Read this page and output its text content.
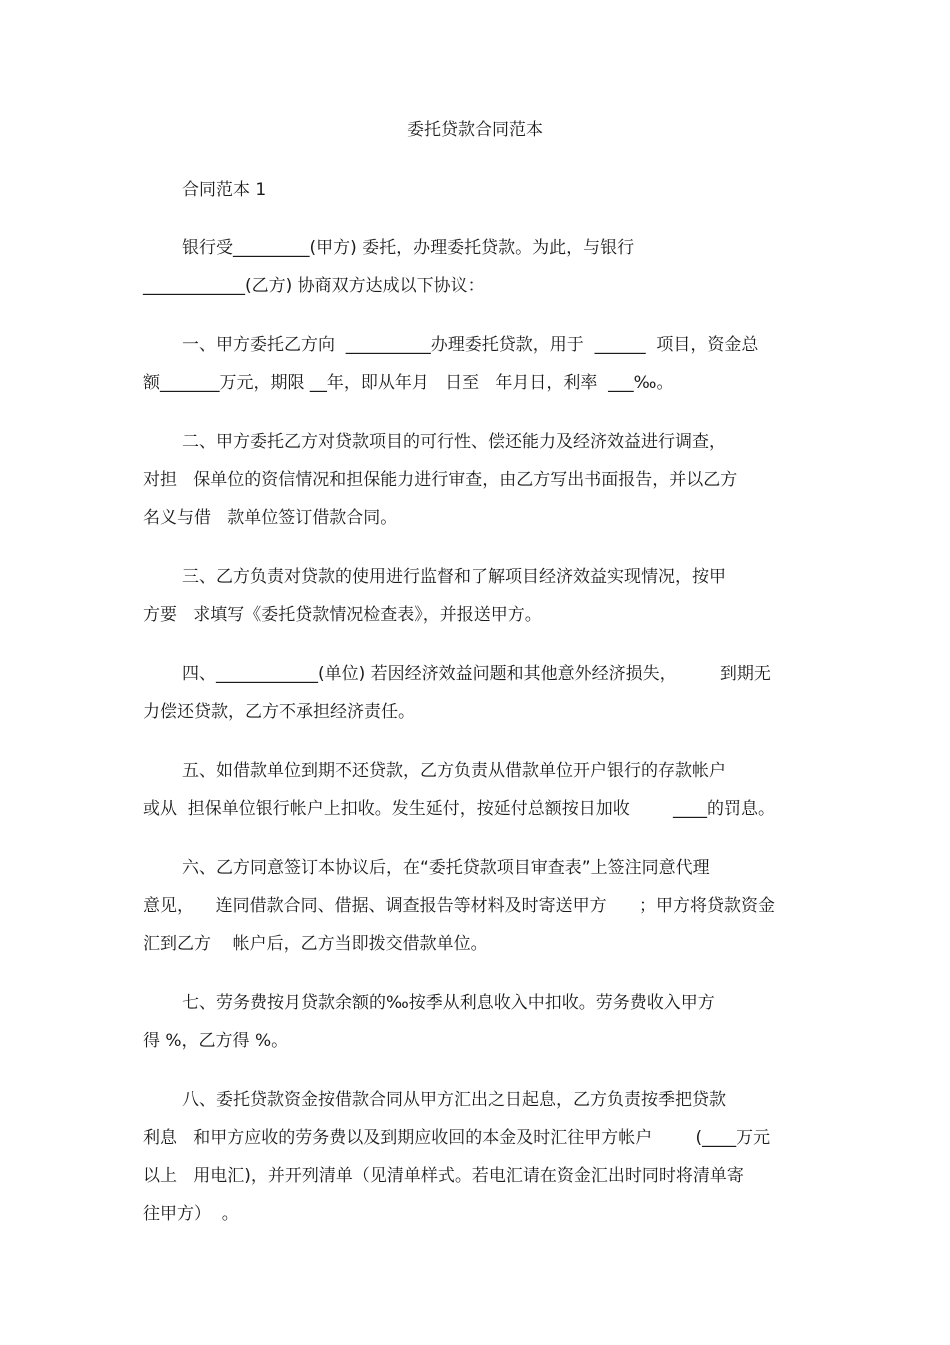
委托贷款合同范本
合同范本 1
银行受_________(甲方) 委托，办理委托贷款。为此，与银行
____________(乙方) 协商双方达成以下协议：
一、甲方委托乙方向  __________办理委托贷款，用于  ______  项目，资金总
额_______万元，期限 __年，即从年月   日至   年月日，利率  ___‰。
二、甲方委托乙方对贷款项目的可行性、偿还能力及经济效益进行调查，
对担   保单位的资信情况和担保能力进行审查，由乙方写出书面报告，并以乙方
名义与借   款单位签订借款合同。
三、乙方负责对贷款的使用进行监督和了解项目经济效益实现情况，按甲
方要   求填写《委托贷款情况检查表》，并报送甲方。
四、____________(单位) 若因经济效益问题和其他意外经济损失，        到期无
力偿还贷款，乙方不承担经济责任。
五、如借款单位到期不还贷款，乙方负责从借款单位开户银行的存款帐户
或从  担保单位银行帐户上扣收。发生延付，按延付总额按日加收        ____的罚息。
六、乙方同意签订本协议后，在“委托贷款项目审查表”上签注同意代理
意见，    连同借款合同、借据、调查报告等材料及时寄送甲方      ；甲方将贷款资金
汇到乙方    帐户后，乙方当即拨交借款单位。
七、劳务费按月贷款余额的‰按季从利息收入中扣收。劳务费收入甲方
得 %，乙方得 %。
八、委托贷款资金按借款合同从甲方汇出之日起息，乙方负责按季把贷款
利息   和甲方应收的劳务费以及到期应收回的本金及时汇往甲方帐户        (____万元
以上   用电汇)，并开列清单（见清单样式。若电汇请在资金汇出时同时将清单寄
往甲方）  。
